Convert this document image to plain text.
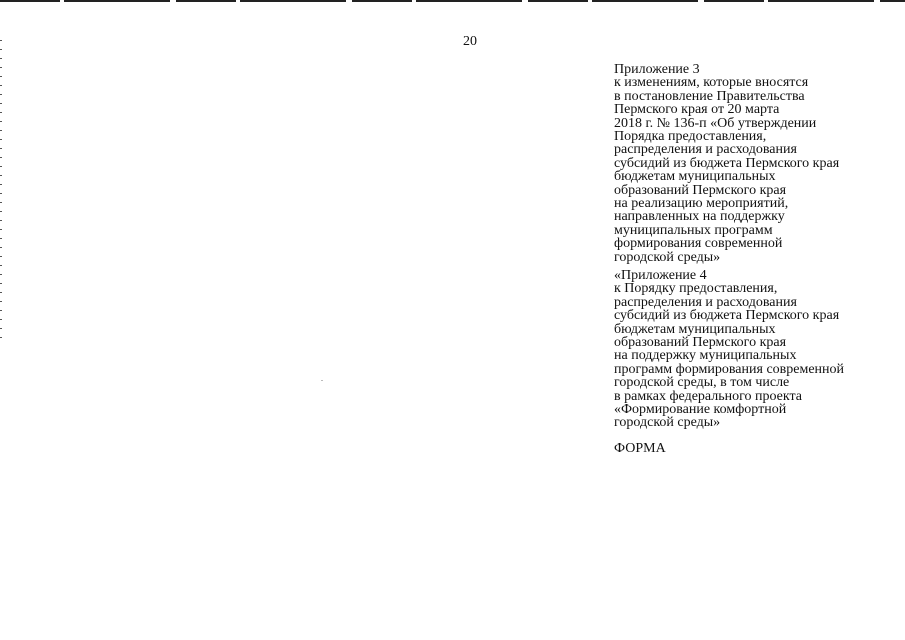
20
Приложение 3
к изменениям, которые вносятся
в постановление Правительства
Пермского края от 20 марта
2018 г. № 136-п «Об утверждении
Порядка предоставления,
распределения и расходования
субсидий из бюджета Пермского края
бюджетам муниципальных
образований Пермского края
на реализацию мероприятий,
направленных на поддержку
муниципальных программ
формирования современной
городской среды»
«Приложение 4
к Порядку предоставления,
распределения и расходования
субсидий из бюджета Пермского края
бюджетам муниципальных
образований Пермского края
на поддержку муниципальных
программ формирования современной
городской среды, в том числе
в рамках федерального проекта
«Формирование комфортной
городской среды»
ФОРМА
